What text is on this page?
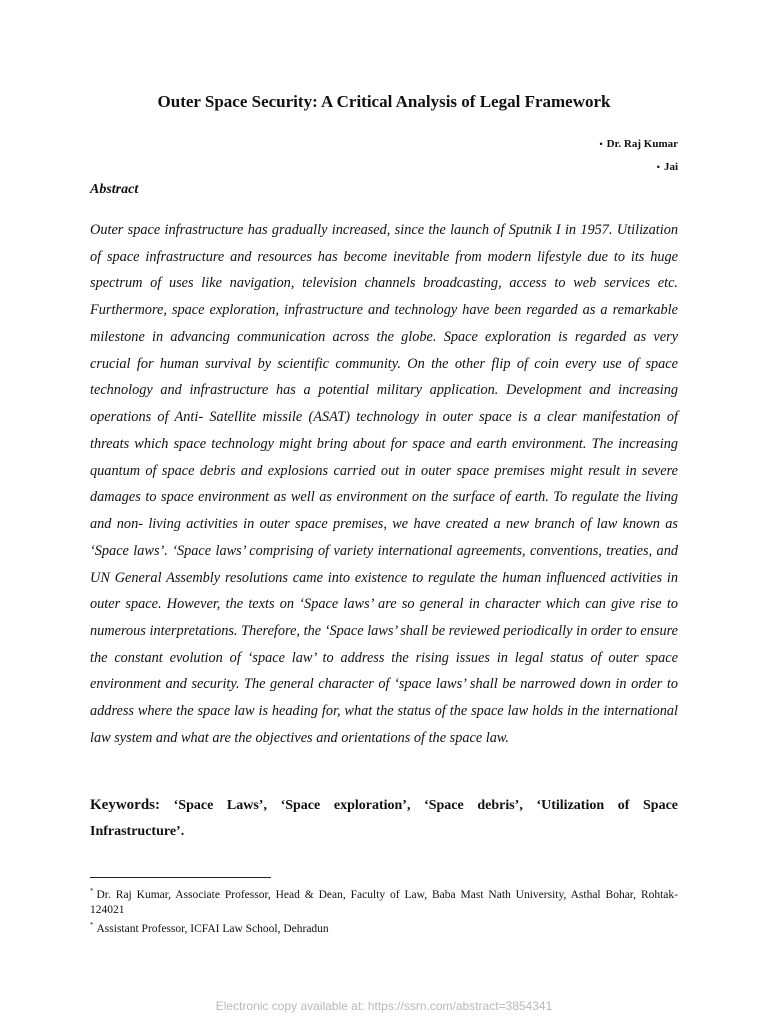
Outer Space Security: A Critical Analysis of Legal Framework
• Dr. Raj Kumar
• Jai
Abstract

Outer space infrastructure has gradually increased, since the launch of Sputnik I in 1957. Utilization of space infrastructure and resources has become inevitable from modern lifestyle due to its huge spectrum of uses like navigation, television channels broadcasting, access to web services etc. Furthermore, space exploration, infrastructure and technology have been regarded as a remarkable milestone in advancing communication across the globe. Space exploration is regarded as very crucial for human survival by scientific community. On the other flip of coin every use of space technology and infrastructure has a potential military application. Development and increasing operations of Anti- Satellite missile (ASAT) technology in outer space is a clear manifestation of threats which space technology might bring about for space and earth environment. The increasing quantum of space debris and explosions carried out in outer space premises might result in severe damages to space environment as well as environment on the surface of earth. To regulate the living and non- living activities in outer space premises, we have created a new branch of law known as ‘Space laws’. ‘Space laws’ comprising of variety international agreements, conventions, treaties, and UN General Assembly resolutions came into existence to regulate the human influenced activities in outer space. However, the texts on ‘Space laws’ are so general in character which can give rise to numerous interpretations. Therefore, the ‘Space laws’ shall be reviewed periodically in order to ensure the constant evolution of ‘space law’ to address the rising issues in legal status of outer space environment and security. The general character of ‘space laws’ shall be narrowed down in order to address where the space law is heading for, what the status of the space law holds in the international law system and what are the objectives and orientations of the space law.

Keywords: ‘Space Laws’, ‘Space exploration’, ‘Space debris’, ‘Utilization of Space Infrastructure’.

* Dr. Raj Kumar, Associate Professor, Head & Dean, Faculty of Law, Baba Mast Nath University, Asthal Bohar, Rohtak-124021

* Assistant Professor, ICFAI Law School, Dehradun

Electronic copy available at: https://ssrn.com/abstract=3854341
